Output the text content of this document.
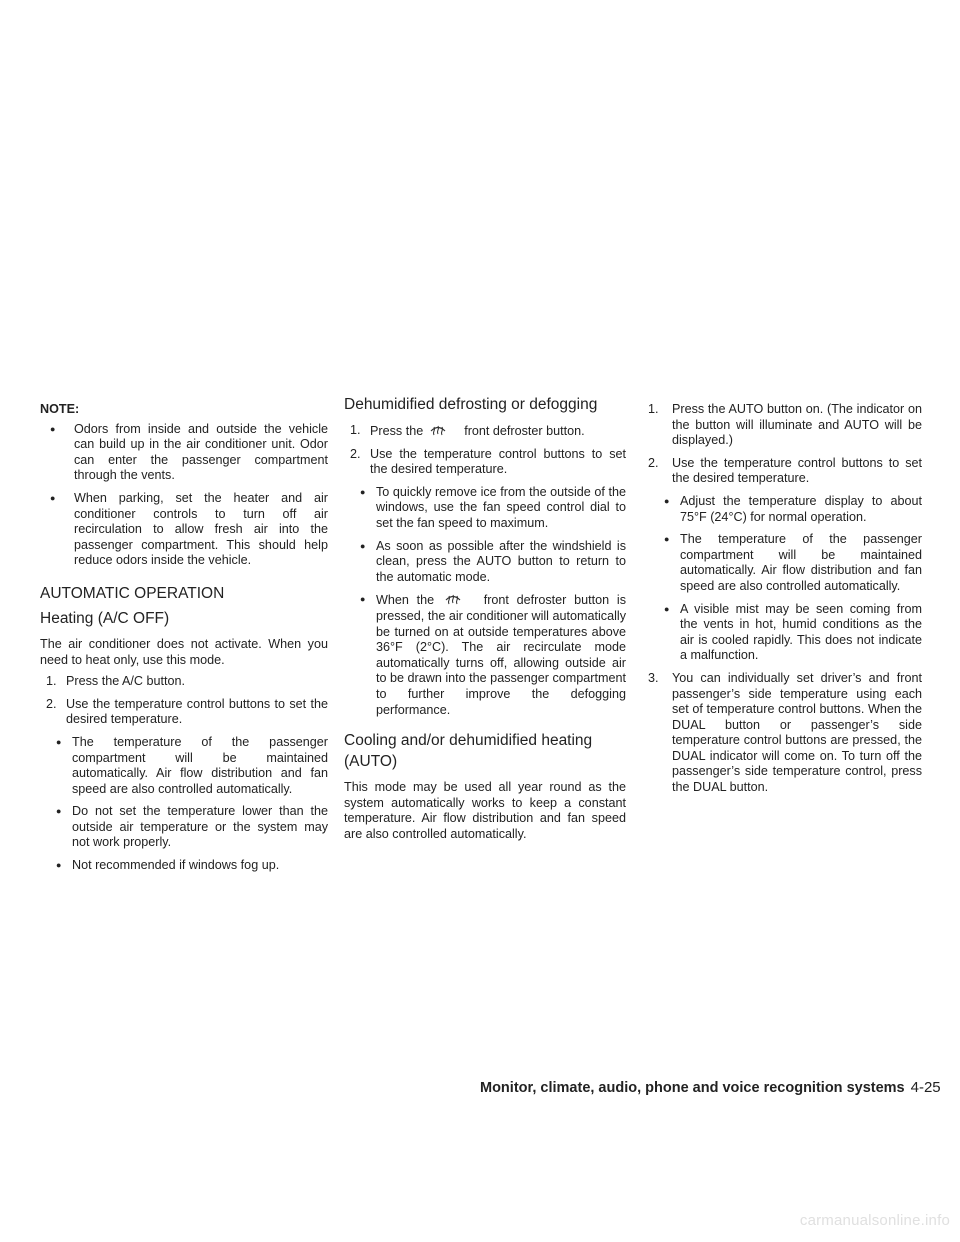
NOTE:
● Odors from inside and outside the vehicle can build up in the air conditioner unit. Odor can enter the passenger compartment through the vents.
● When parking, set the heater and air conditioner controls to turn off air recirculation to allow fresh air into the passenger compartment. This should help reduce odors inside the vehicle.
AUTOMATIC OPERATION
Heating (A/C OFF)

The air conditioner does not activate. When you need to heat only, use this mode.

1. Press the A/C button.
2. Use the temperature control buttons to set the desired temperature.
● The temperature of the passenger compartment will be maintained automatically. Air flow distribution and fan speed are also controlled automatically.
● Do not set the temperature lower than the outside air temperature or the system may not work properly.
● Not recommended if windows fog up.
Dehumidified defrosting or defogging
1. Press the	front defroster button.
2. Use the temperature control buttons to set the desired temperature.
● To quickly remove ice from the outside of the windows, use the fan speed control dial to set the fan speed to maximum.
● As soon as possible after the windshield is clean, press the AUTO button to return to the automatic mode.
● When the	front defroster button is pressed, the air conditioner will automatically be turned on at outside temperatures above 36°F (2°C). The air recirculate mode automatically turns off, allowing outside air to be drawn into the passenger compartment to further improve the defogging performance.
Cooling and/or dehumidified heating (AUTO)

This mode may be used all year round as the system automatically works to keep a constant temperature. Air flow distribution and fan speed are also controlled automatically.

1. Press the AUTO button on. (The indicator on the button will illuminate and AUTO will be displayed.)
2. Use the temperature control buttons to set the desired temperature.
● Adjust the temperature display to about 75°F (24°C) for normal operation.
● The temperature of the passenger compartment will be maintained automatically. Air flow distribution and fan speed are also controlled automatically.
● A visible mist may be seen coming from the vents in hot, humid conditions as the air is cooled rapidly. This does not indicate a malfunction.
3. You can individually set driver’s and front passenger’s side temperature using each set of temperature control buttons. When the DUAL button or passenger’s side temperature control buttons are pressed, the DUAL indicator will come on. To turn off the passenger’s side temperature control, press the DUAL button.
Monitor, climate, audio, phone and voice recognition systems 4-25
carmanualsonline.info
